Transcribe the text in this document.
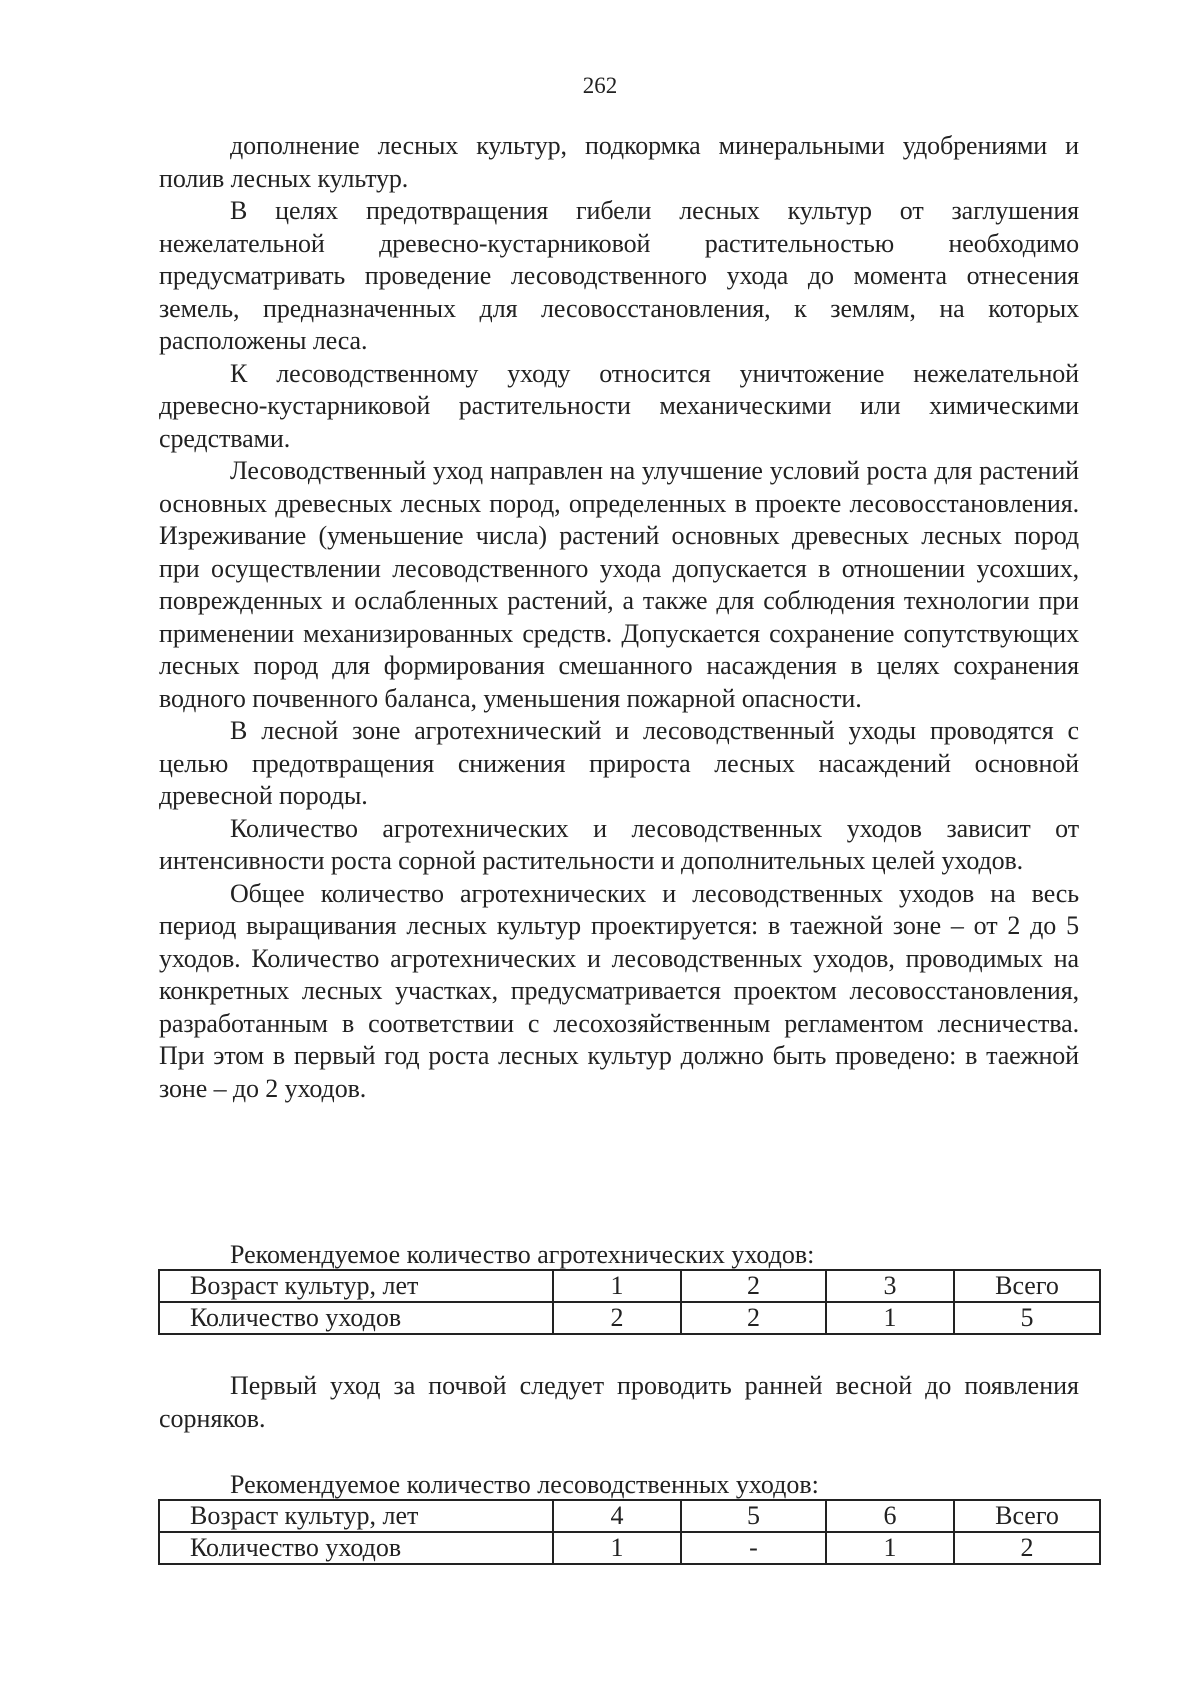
262

дополнение лесных культур, подкормка минеральными удобрениями и полив лесных культур.

В целях предотвращения гибели лесных культур от заглушения нежелательной древесно-кустарниковой растительностью необходимо предусматривать проведение лесоводственного ухода до момента отнесения земель, предназначенных для лесовосстановления, к землям, на которых расположены леса.

К лесоводственному уходу относится уничтожение нежелательной древесно-кустарниковой растительности механическими или химическими средствами.

Лесоводственный уход направлен на улучшение условий роста для растений основных древесных лесных пород, определенных в проекте лесовосстановления. Изреживание (уменьшение числа) растений основных древесных лесных пород при осуществлении лесоводственного ухода допускается в отношении усохших, поврежденных и ослабленных растений, а также для соблюдения технологии при применении механизированных средств. Допускается сохранение сопутствующих лесных пород для формирования смешанного насаждения в целях сохранения водного почвенного баланса, уменьшения пожарной опасности.

В лесной зоне агротехнический и лесоводственный уходы проводятся с целью предотвращения снижения прироста лесных насаждений основной древесной породы.

Количество агротехнических и лесоводственных уходов зависит от интенсивности роста сорной растительности и дополнительных целей уходов.

Общее количество агротехнических и лесоводственных уходов на весь период выращивания лесных культур проектируется: в таежной зоне – от 2 до 5 уходов. Количество агротехнических и лесоводственных уходов, проводимых на конкретных лесных участках, предусматривается проектом лесовосстановления, разработанным в соответствии с лесохозяйственным регламентом лесничества. При этом в первый год роста лесных культур должно быть проведено: в таежной зоне – до 2 уходов.

Рекомендуемое количество агротехнических уходов:
Возраст культур, лет	1	2	3	Всего
Количество уходов	2	2	1	5

Первый уход за почвой следует проводить ранней весной до появления сорняков.

Рекомендуемое количество лесоводственных уходов:
Возраст культур, лет	4	5	6	Всего
Количество уходов	1	-	1	2
